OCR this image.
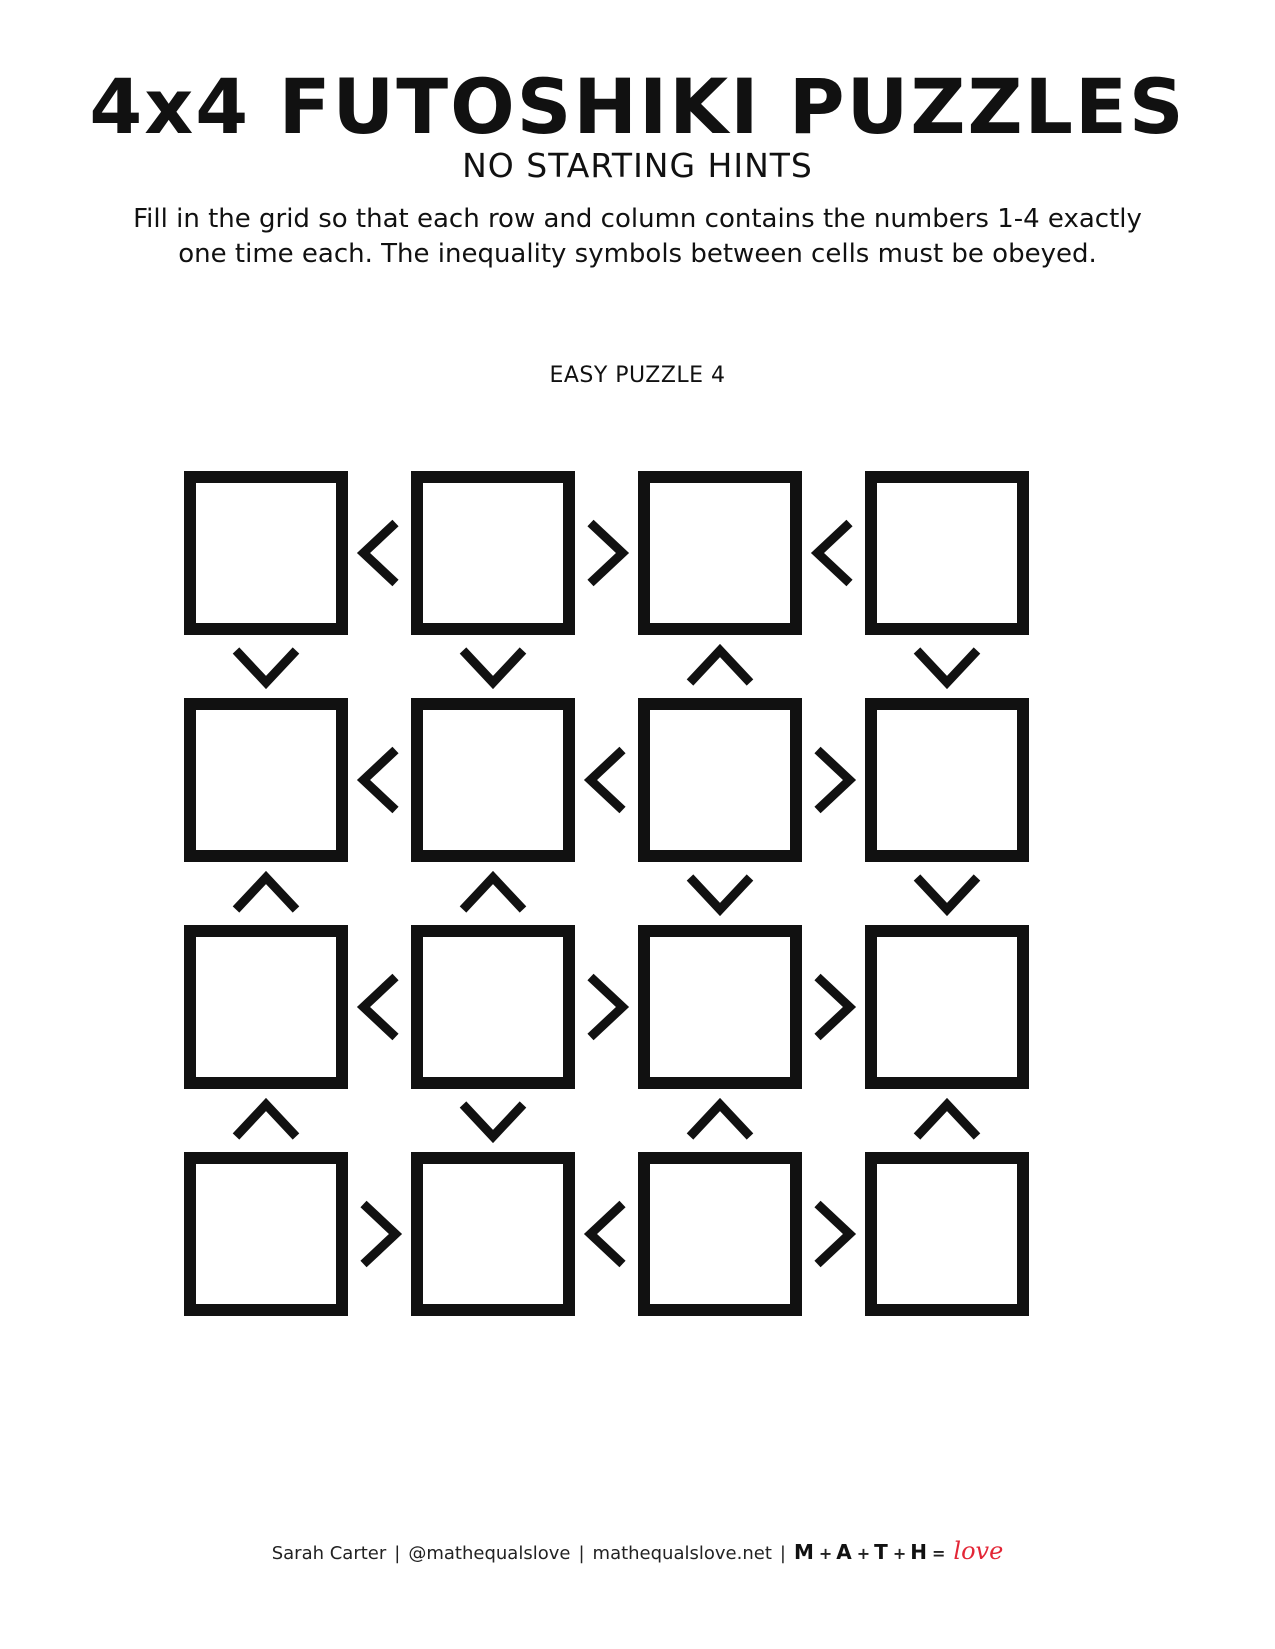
4x4 FUTOSHIKI PUZZLES

NO STARTING HINTS

Fill in the grid so that each row and column contains the numbers 1-4 exactly
one time each. The inequality symbols between cells must be obeyed.

EASY PUZZLE 4
Sarah Carter | @mathequalslove | mathequalslove.net | M + A + T + H = love
